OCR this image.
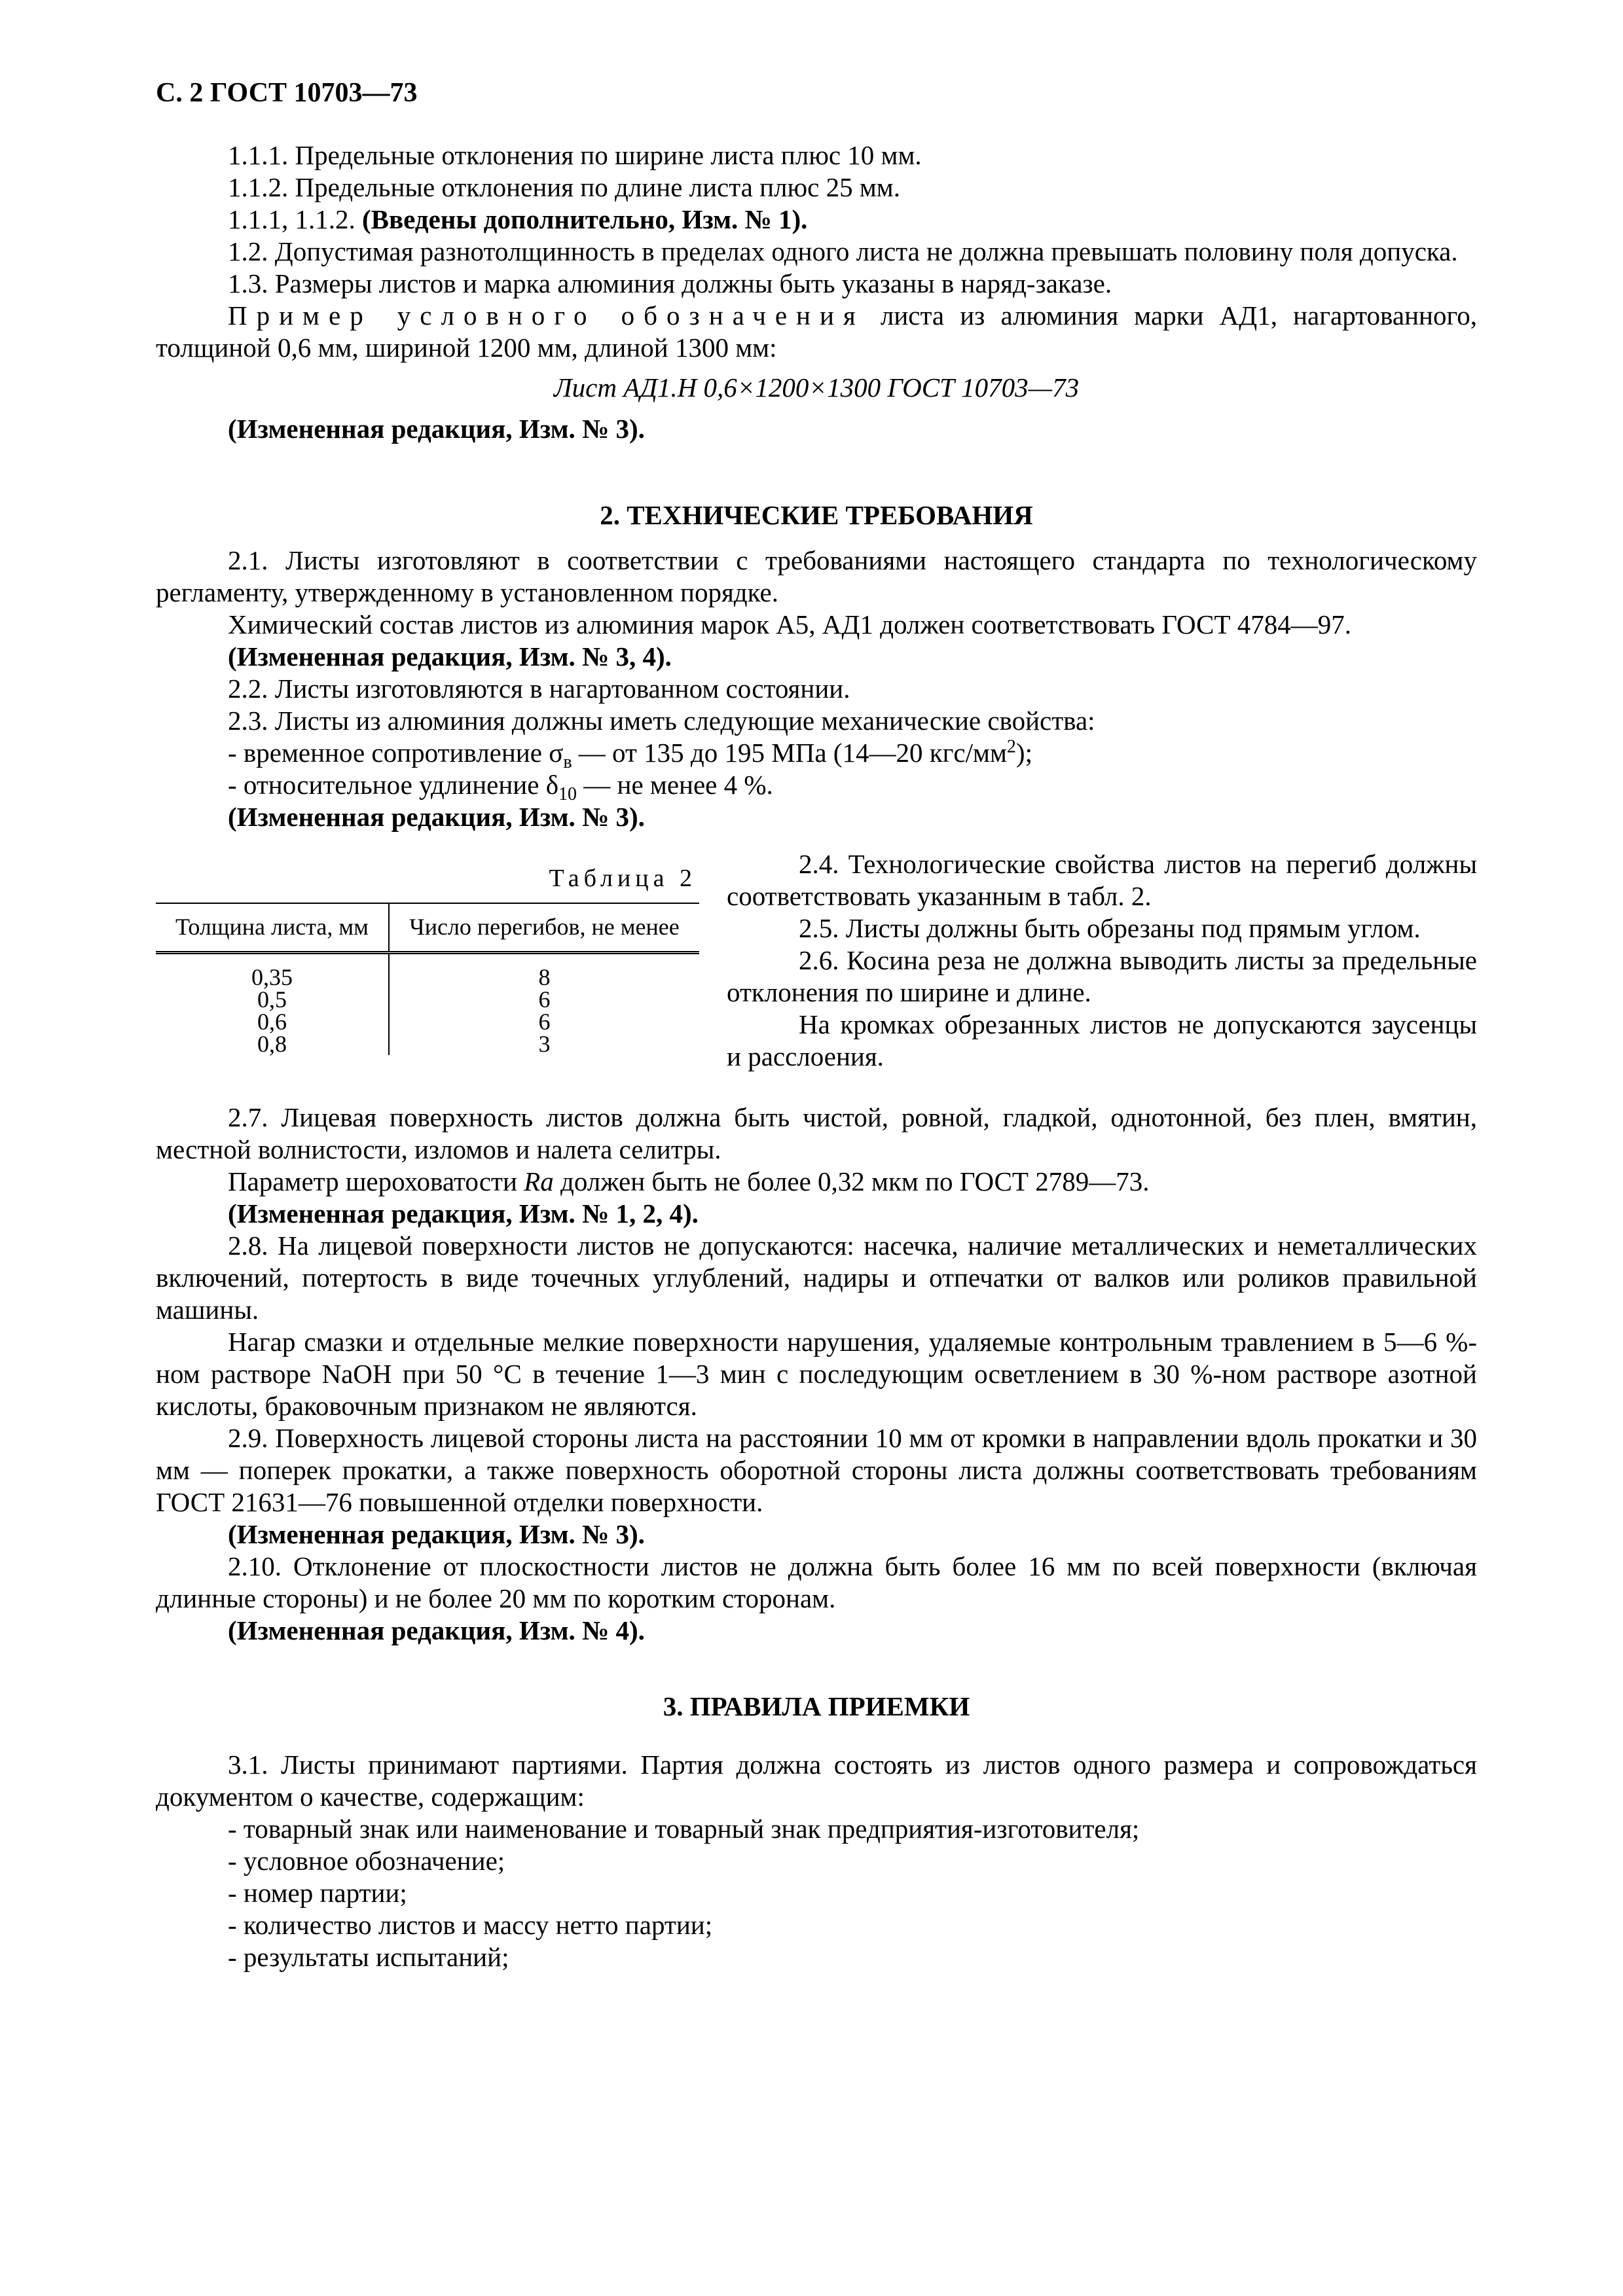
С. 2 ГОСТ 10703—73

1.1.1. Предельные отклонения по ширине листа плюс 10 мм.

1.1.2. Предельные отклонения по длине листа плюс 25 мм.

1.1.1, 1.1.2. (Введены дополнительно, Изм. № 1).

1.2. Допустимая разнотолщинность в пределах одного листа не должна превышать половину поля допуска.

1.3. Размеры листов и марка алюминия должны быть указаны в наряд-заказе.

Пример условного обозначения листа из алюминия марки АД1, нагартованного, толщиной 0,6 мм, шириной 1200 мм, длиной 1300 мм:

Лист АД1.Н 0,6×1200×1300 ГОСТ 10703—73

(Измененная редакция, Изм. № 3).

2. ТЕХНИЧЕСКИЕ ТРЕБОВАНИЯ

2.1. Листы изготовляют в соответствии с требованиями настоящего стандарта по технологическому регламенту, утвержденному в установленном порядке.

Химический состав листов из алюминия марок А5, АД1 должен соответствовать ГОСТ 4784—97.

(Измененная редакция, Изм. № 3, 4).

2.2. Листы изготовляются в нагартованном состоянии.

2.3. Листы из алюминия должны иметь следующие механические свойства:

- временное сопротивление $\sigma_в$ — от 135 до 195 МПа (14—20 кгс/$мм^2$);

- относительное удлинение $\delta_{10}$ — не менее 4 %.

(Измененная редакция, Изм. № 3).

Таблица 2
Толщина листа, мм	Число перегибов, не менее
0,35	8
0,5	6
0,6	6
0,8	3

2.4. Технологические свойства листов на перегиб должны соответствовать указанным в табл. 2.

2.5. Листы должны быть обрезаны под прямым углом.

2.6. Косина реза не должна выводить листы за предельные отклонения по ширине и длине.

На кромках обрезанных листов не допускаются заусенцы и расслоения.

2.7. Лицевая поверхность листов должна быть чистой, ровной, гладкой, однотонной, без плен, вмятин, местной волнистости, изломов и налета селитры.

Параметр шероховатости Ra должен быть не более 0,32 мкм по ГОСТ 2789—73.

(Измененная редакция, Изм. № 1, 2, 4).

2.8. На лицевой поверхности листов не допускаются: насечка, наличие металлических и неметаллических включений, потертость в виде точечных углублений, надиры и отпечатки от валков или роликов правильной машины.

Нагар смазки и отдельные мелкие поверхности нарушения, удаляемые контрольным травлением в 5—6 %-ном растворе NaOH при 50 °С в течение 1—3 мин с последующим осветлением в 30 %-ном растворе азотной кислоты, браковочным признаком не являются.

2.9. Поверхность лицевой стороны листа на расстоянии 10 мм от кромки в направлении вдоль прокатки и 30 мм — поперек прокатки, а также поверхность оборотной стороны листа должны соответствовать требованиям ГОСТ 21631—76 повышенной отделки поверхности.

(Измененная редакция, Изм. № 3).

2.10. Отклонение от плоскостности листов не должна быть более 16 мм по всей поверхности (включая длинные стороны) и не более 20 мм по коротким сторонам.

(Измененная редакция, Изм. № 4).

3. ПРАВИЛА ПРИЕМКИ

3.1. Листы принимают партиями. Партия должна состоять из листов одного размера и сопровождаться документом о качестве, содержащим:

- товарный знак или наименование и товарный знак предприятия-изготовителя;

- условное обозначение;

- номер партии;

- количество листов и массу нетто партии;

- результаты испытаний;
